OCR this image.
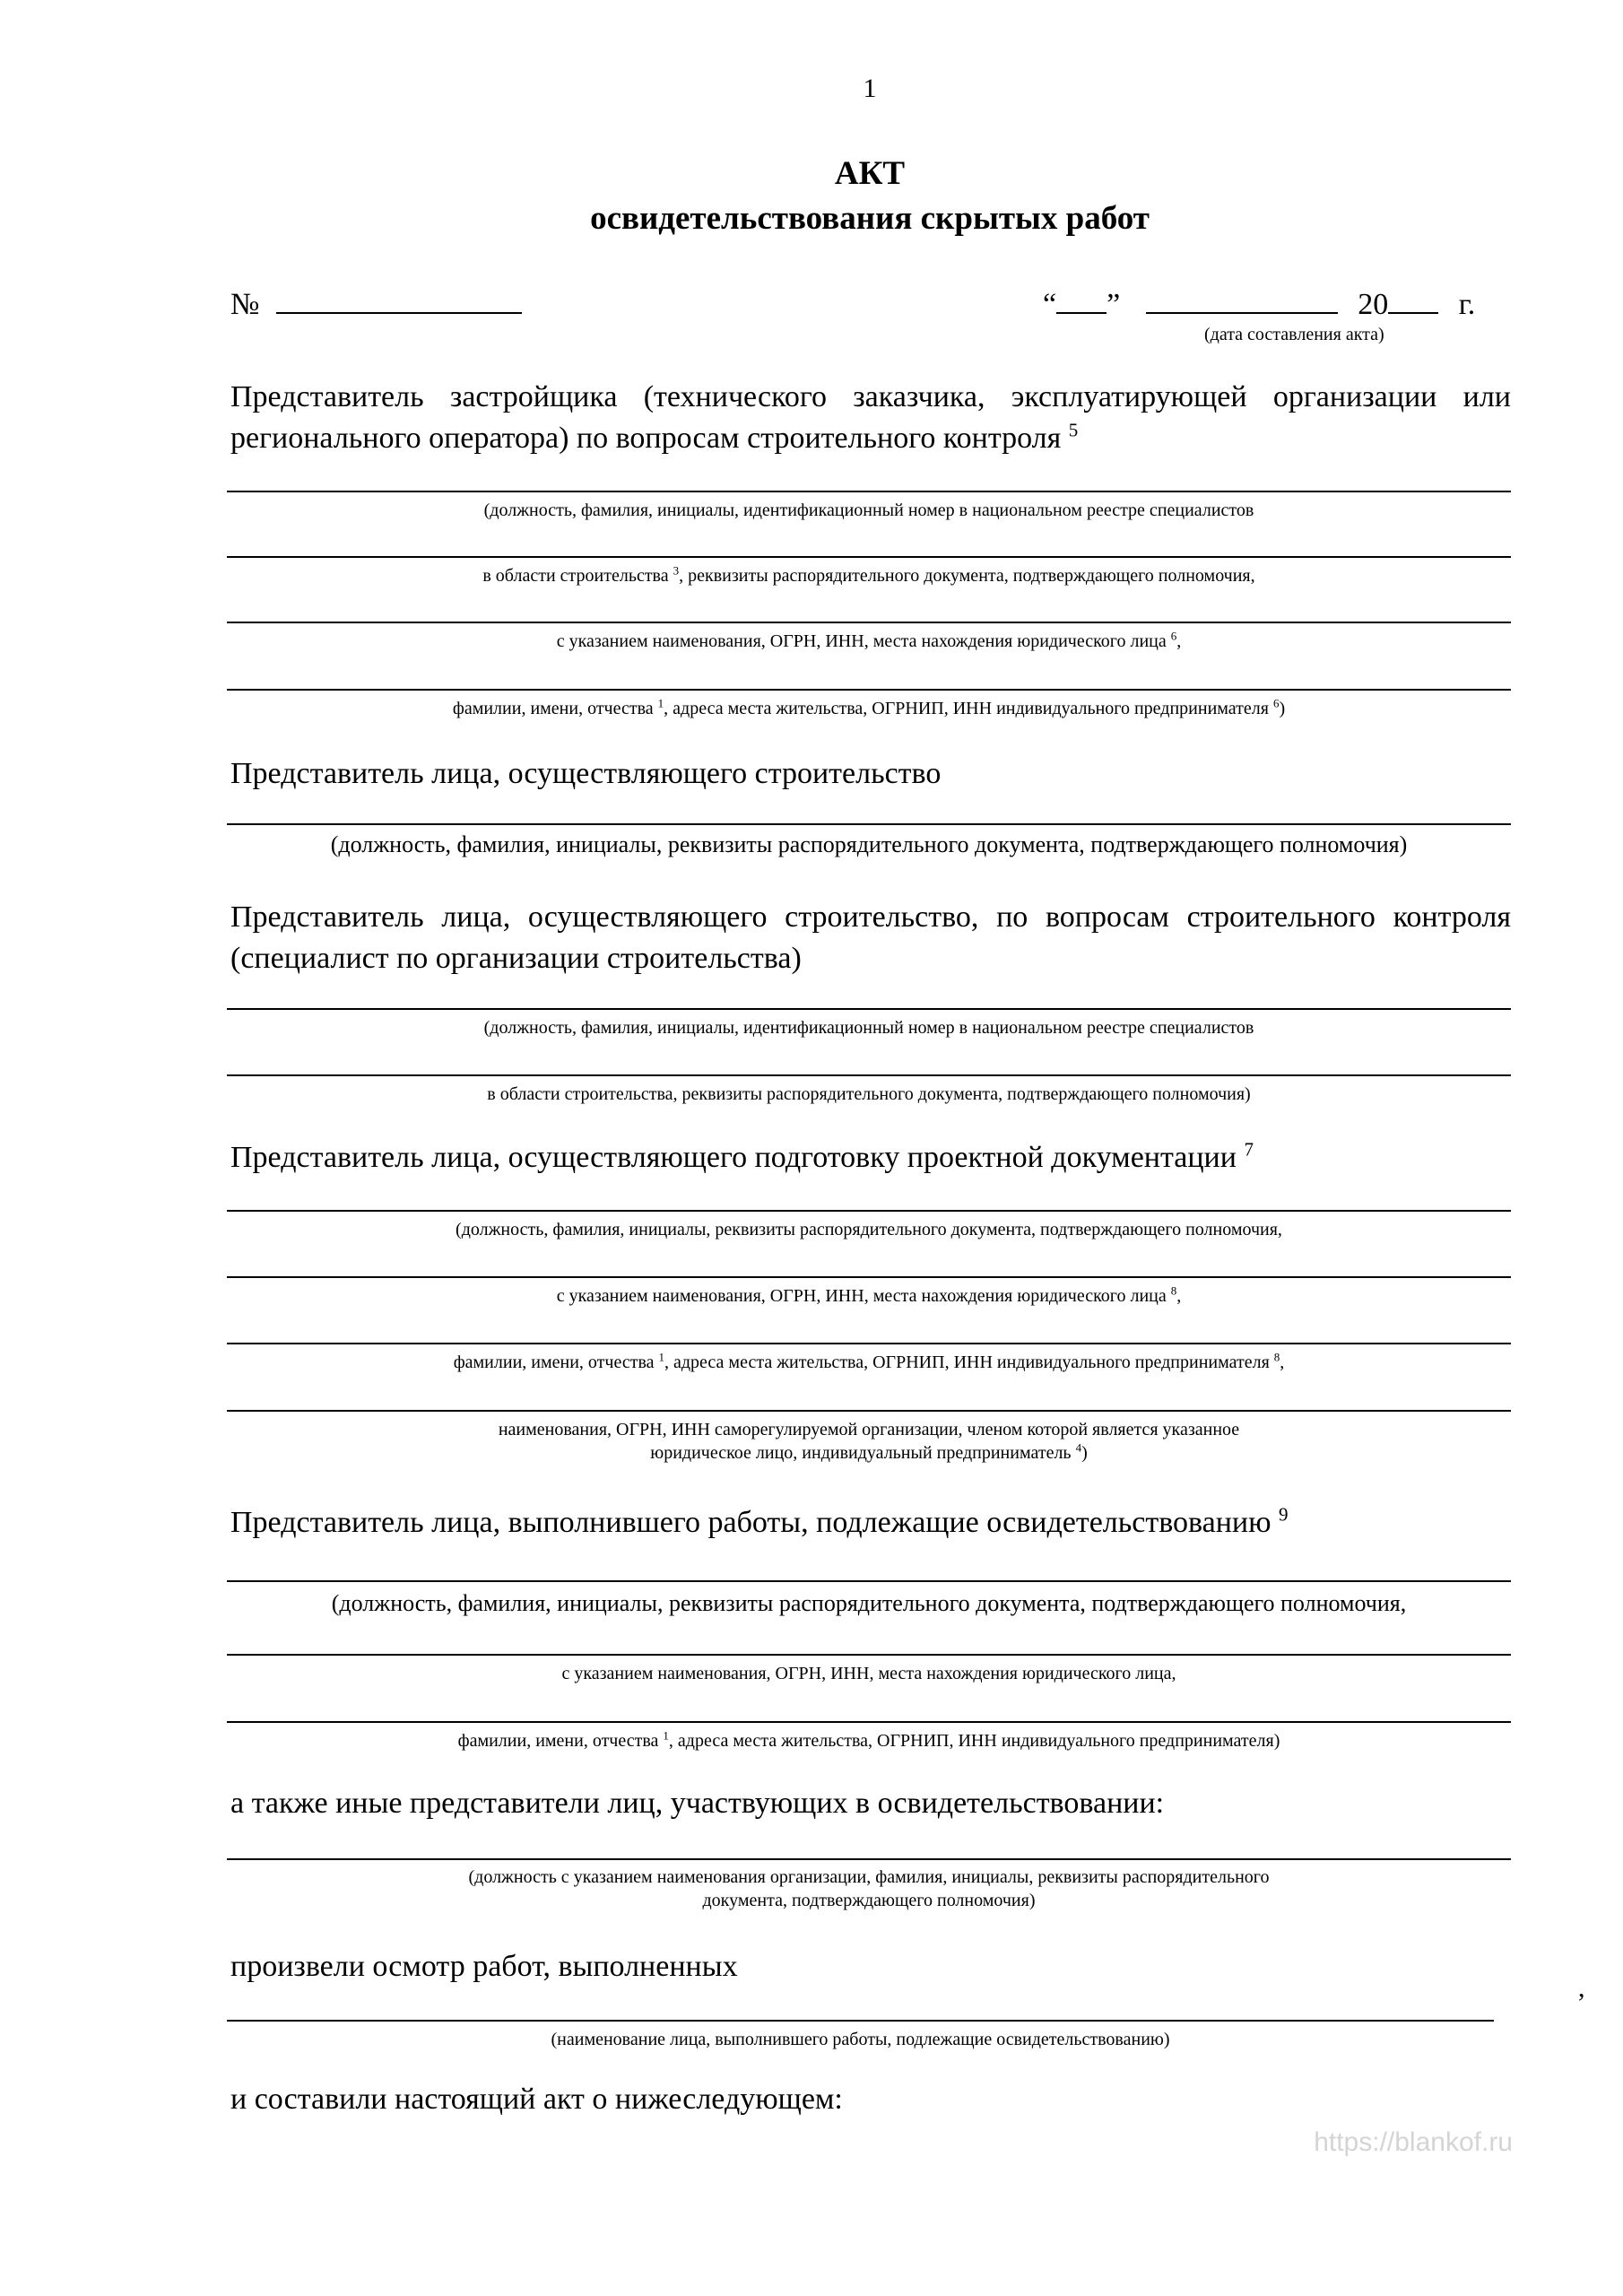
1
АКТ
освидетельствования скрытых работ
№	“ ”	20 г.
(дата составления акта)
Представитель застройщика (технического заказчика, эксплуатирующей организации или регионального оператора) по вопросам строительного контроля $^5$
(должность, фамилия, инициалы, идентификационный номер в национальном реестре специалистов
в области строительства $^3$, реквизиты распорядительного документа, подтверждающего полномочия,
с указанием наименования, ОГРН, ИНН, места нахождения юридического лица $^6$,
фамилии, имени, отчества $^1$, адреса места жительства, ОГРНИП, ИНН индивидуального предпринимателя $^6$)
Представитель лица, осуществляющего строительство
(должность, фамилия, инициалы, реквизиты распорядительного документа, подтверждающего полномочия)
Представитель лица, осуществляющего строительство, по вопросам строительного контроля (специалист по организации строительства)
(должность, фамилия, инициалы, идентификационный номер в национальном реестре специалистов
в области строительства, реквизиты распорядительного документа, подтверждающего полномочия)
Представитель лица, осуществляющего подготовку проектной документации $^7$
(должность, фамилия, инициалы, реквизиты распорядительного документа, подтверждающего полномочия,
с указанием наименования, ОГРН, ИНН, места нахождения юридического лица $^8$,
фамилии, имени, отчества $^1$, адреса места жительства, ОГРНИП, ИНН индивидуального предпринимателя $^8$,
наименования, ОГРН, ИНН саморегулируемой организации, членом которой является указанное
юридическое лицо, индивидуальный предприниматель $^4$)
Представитель лица, выполнившего работы, подлежащие освидетельствованию $^9$
(должность, фамилия, инициалы, реквизиты распорядительного документа, подтверждающего полномочия,
с указанием наименования, ОГРН, ИНН, места нахождения юридического лица,
фамилии, имени, отчества $^1$, адреса места жительства, ОГРНИП, ИНН индивидуального предпринимателя)
а также иные представители лиц, участвующих в освидетельствовании:
(должность с указанием наименования организации, фамилия, инициалы, реквизиты распорядительного
документа, подтверждающего полномочия)
произвели осмотр работ, выполненных
,
(наименование лица, выполнившего работы, подлежащие освидетельствованию)
и составили настоящий акт о нижеследующем:
https://blankof.ru
